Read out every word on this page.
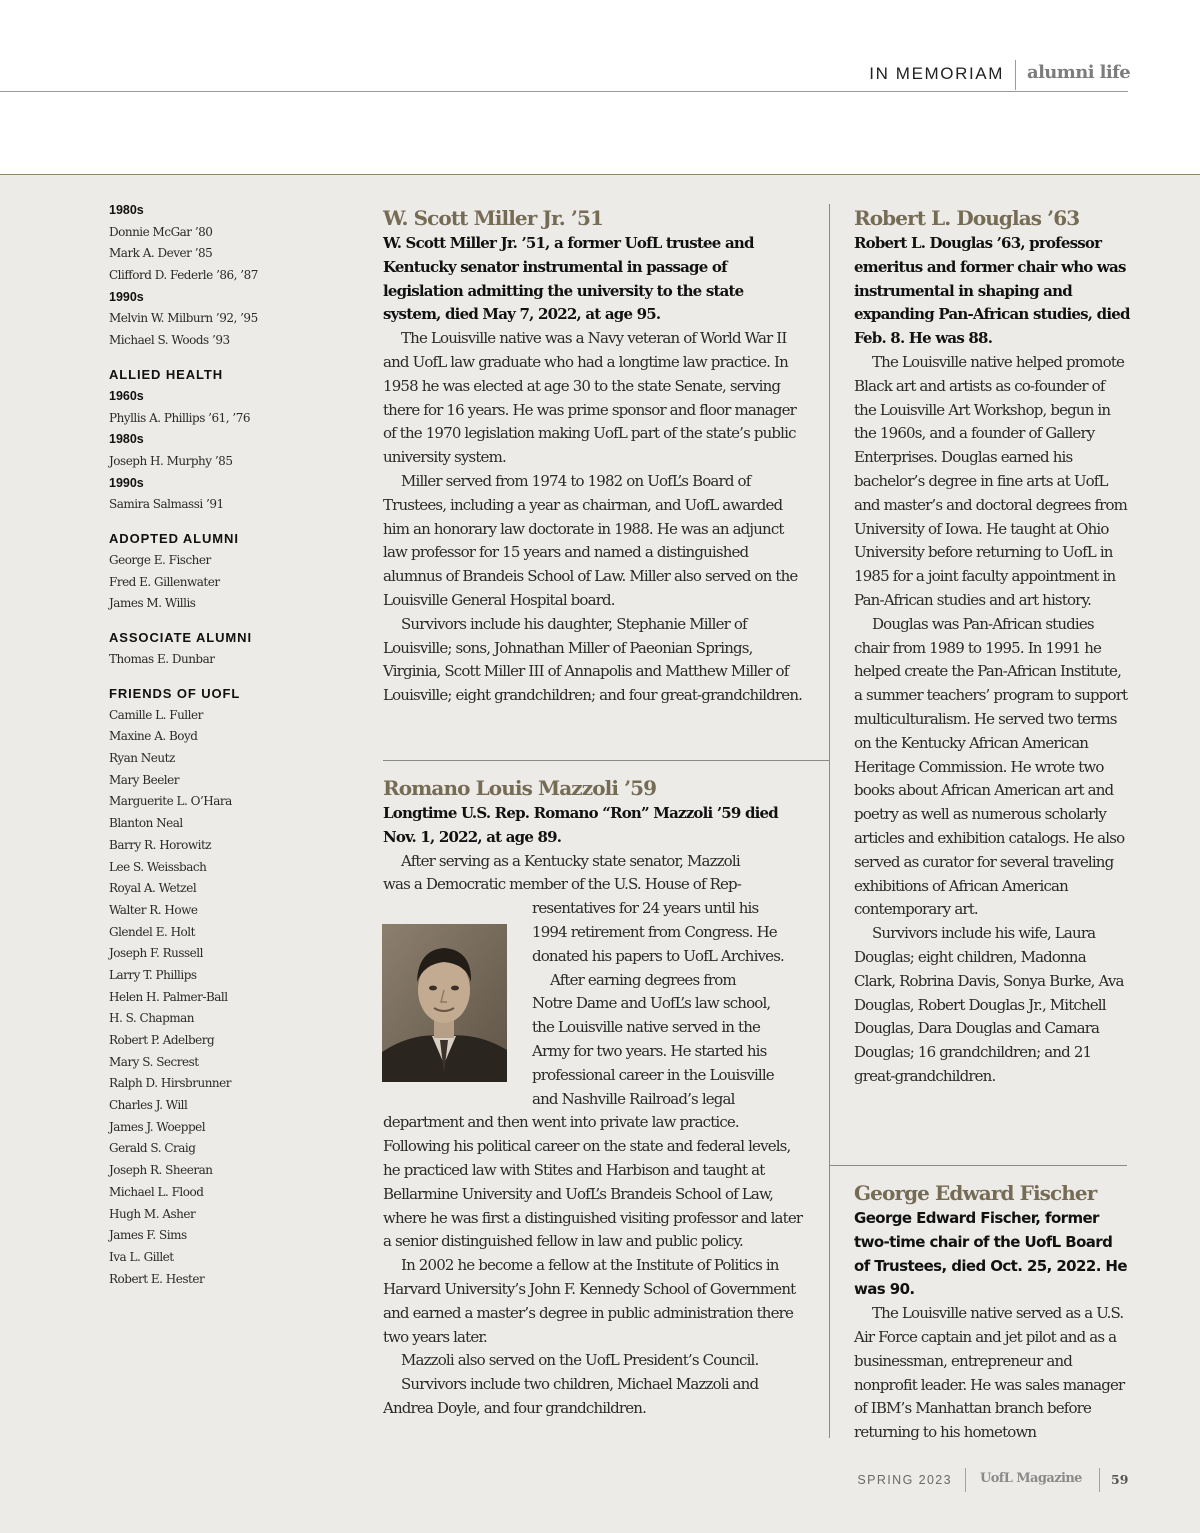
IN MEMORIAM alumni life
1980s
Donnie McGar ’80
Mark A. Dever ’85
Clifford D. Federle ’86, ’87
1990s
Melvin W. Milburn ’92, ’95
Michael S. Woods ’93
ALLIED HEALTH
1960s
Phyllis A. Phillips ’61, ’76
1980s
Joseph H. Murphy ’85
1990s
Samira Salmassi ’91
ADOPTED ALUMNI
George E. Fischer
Fred E. Gillenwater
James M. Willis
ASSOCIATE ALUMNI
Thomas E. Dunbar
FRIENDS OF UOFL
Camille L. Fuller
Maxine A. Boyd
Ryan Neutz
Mary Beeler
Marguerite L. O’Hara
Blanton Neal
Barry R. Horowitz
Lee S. Weissbach
Royal A. Wetzel
Walter R. Howe
Glendel E. Holt
Joseph F. Russell
Larry T. Phillips
Helen H. Palmer-Ball
H. S. Chapman
Robert P. Adelberg
Mary S. Secrest
Ralph D. Hirsbrunner
Charles J. Will
James J. Woeppel
Gerald S. Craig
Joseph R. Sheeran
Michael L. Flood
Hugh M. Asher
James F. Sims
Iva L. Gillet
Robert E. Hester
W. Scott Miller Jr. ’51
W. Scott Miller Jr. ’51, a former UofL trustee and Kentucky senator instrumental in passage of legislation admitting the university to the state system, died May 7, 2022, at age 95.

The Louisville native was a Navy veteran of World War II and UofL law graduate who had a longtime law practice. In 1958 he was elected at age 30 to the state Senate, serving there for 16 years. He was prime sponsor and floor manager of the 1970 legislation making UofL part of the state’s public university system.

Miller served from 1974 to 1982 on UofL’s Board of Trustees, including a year as chairman, and UofL awarded him an honorary law doctorate in 1988. He was an adjunct law professor for 15 years and named a distinguished alumnus of Brandeis School of Law. Miller also served on the Louisville General Hospital board.

Survivors include his daughter, Stephanie Miller of Louisville; sons, Johnathan Miller of Paeonian Springs, Virginia, Scott Miller III of Annapolis and Matthew Miller of Louisville; eight grandchildren; and four great-grandchildren.

Romano Louis Mazzoli ’59
Longtime U.S. Rep. Romano “Ron” Mazzoli ’59 died Nov. 1, 2022, at age 89.
After serving as a Kentucky state senator, Mazzoli
was a Democratic member of the U.S. House of Rep-
resentatives for 24 years until his
1994 retirement from Congress. He
donated his papers to UofL Archives.
After earning degrees from
Notre Dame and UofL’s law school,
the Louisville native served in the
Army for two years. He started his
professional career in the Louisville
and Nashville Railroad’s legal

department and then went into private law practice. Following his political career on the state and federal levels, he practiced law with Stites and Harbison and taught at Bellarmine University and UofL’s Brandeis School of Law, where he was first a distinguished visiting professor and later a senior distinguished fellow in law and public policy.

In 2002 he become a fellow at the Institute of Politics in Harvard University’s John F. Kennedy School of Government and earned a master’s degree in public administration there two years later.

Mazzoli also served on the UofL President’s Council.

Survivors include two children, Michael Mazzoli and Andrea Doyle, and four grandchildren.

Robert L. Douglas ’63
Robert L. Douglas ’63, professor emeritus and former chair who was instrumental in shaping and expanding Pan-African studies, died Feb. 8. He was 88.

The Louisville native helped promote Black art and artists as co-founder of the Louisville Art Workshop, begun in the 1960s, and a founder of Gallery Enterprises. Douglas earned his bachelor’s degree in fine arts at UofL and master’s and doctoral degrees from University of Iowa. He taught at Ohio University before returning to UofL in 1985 for a joint faculty appointment in Pan-African studies and art history.

Douglas was Pan-African studies chair from 1989 to 1995. In 1991 he helped create the Pan-African Institute, a summer teachers’ program to support multiculturalism. He served two terms on the Kentucky African American Heritage Commission. He wrote two books about African American art and poetry as well as numerous scholarly articles and exhibition catalogs. He also served as curator for several traveling exhibitions of African American contemporary art.

Survivors include his wife, Laura Douglas; eight children, Madonna Clark, Robrina Davis, Sonya Burke, Ava Douglas, Robert Douglas Jr., Mitchell Douglas, Dara Douglas and Camara Douglas; 16 grandchildren; and 21 great-grandchildren.

George Edward Fischer
George Edward Fischer, former two-time chair of the UofL Board of Trustees, died Oct. 25, 2022. He was 90.

The Louisville native served as a U.S. Air Force captain and jet pilot and as a businessman, entrepreneur and nonprofit leader. He was sales manager of IBM’s Manhattan branch before returning to his hometown

SPRING 2023 UofL Magazine 59
